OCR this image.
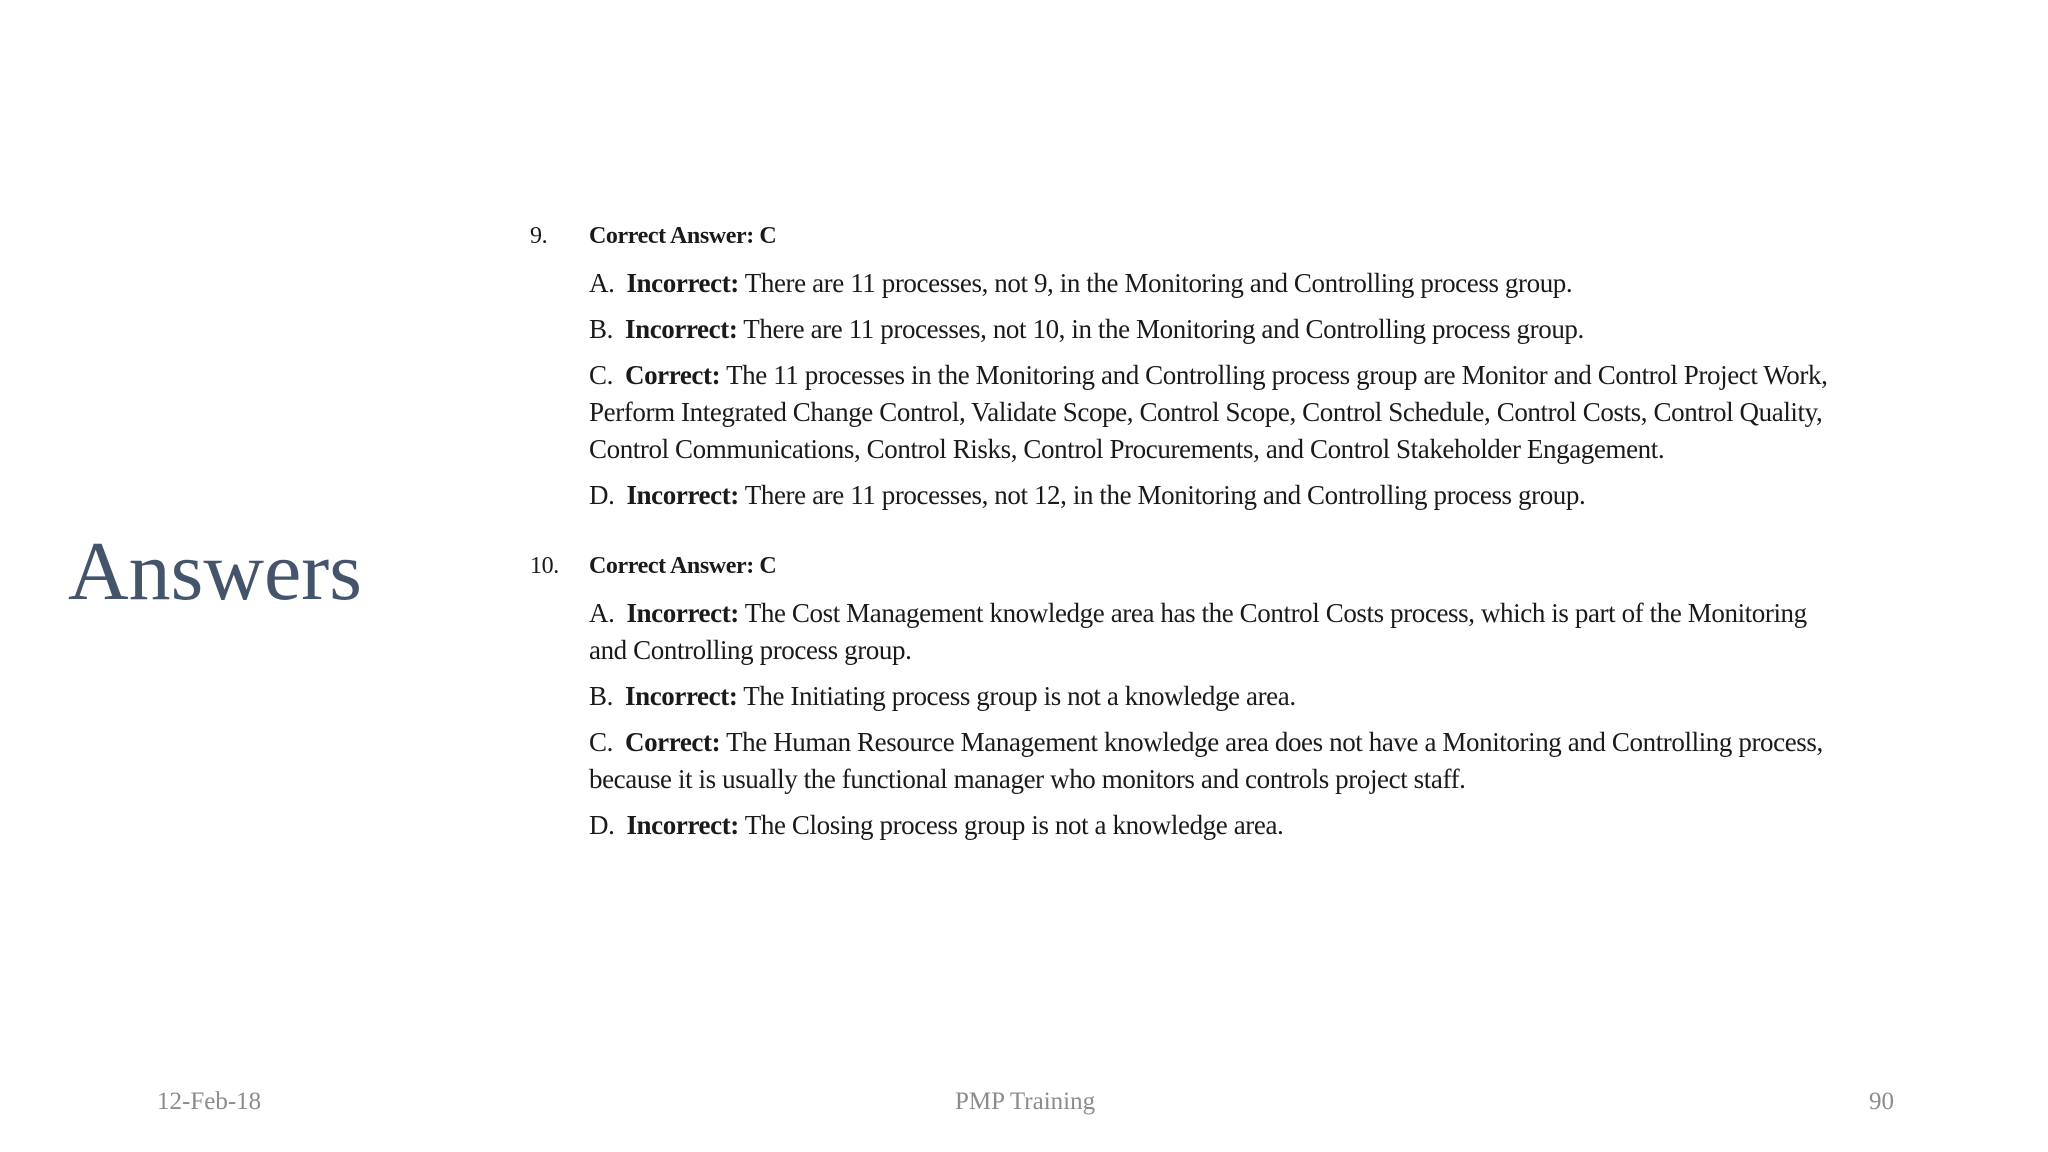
Answers
9.	Correct Answer: C
A. Incorrect: There are 11 processes, not 9, in the Monitoring and Controlling process group.
B. Incorrect: There are 11 processes, not 10, in the Monitoring and Controlling process group.
C. Correct: The 11 processes in the Monitoring and Controlling process group are Monitor and Control Project Work, Perform Integrated Change Control, Validate Scope, Control Scope, Control Schedule, Control Costs, Control Quality, Control Communications, Control Risks, Control Procurements, and Control Stakeholder Engagement.
D. Incorrect: There are 11 processes, not 12, in the Monitoring and Controlling process group.
10.	Correct Answer: C
A. Incorrect: The Cost Management knowledge area has the Control Costs process, which is part of the Monitoring and Controlling process group.
B. Incorrect: The Initiating process group is not a knowledge area.
C. Correct: The Human Resource Management knowledge area does not have a Monitoring and Controlling process, because it is usually the functional manager who monitors and controls project staff.
D. Incorrect: The Closing process group is not a knowledge area.
12-Feb-18	PMP Training	90
